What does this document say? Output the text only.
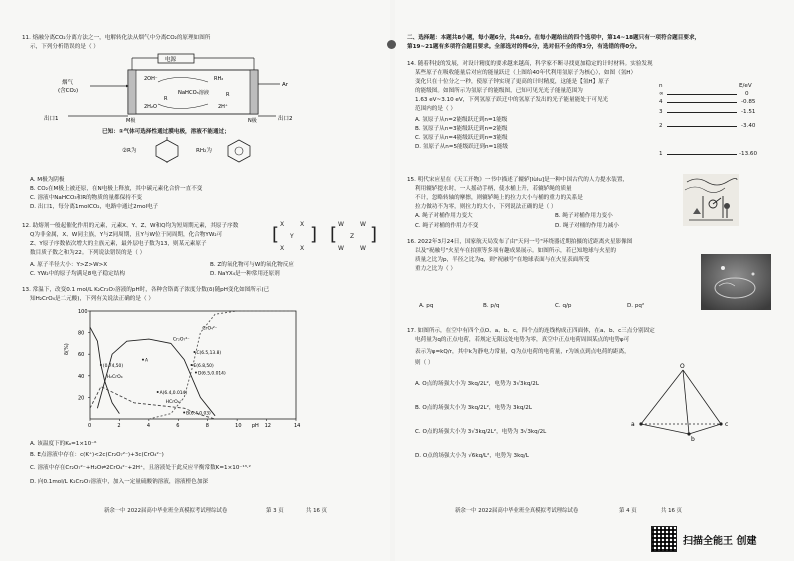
11. 熔融分离CO₂分离方法之一，电解转化法从烟气中分离CO₂的原理如图所
示，下列分析错误的是（ ）
电源
NaHCO₃溶液
2OH⁻	RH₂
2H₂O	2H⁺
R
R
烟气
(含CO₂)
Ar
出口1	出口2
M极	N极
已知：①气体可选择性通过膜电极，溶液不能通过；
②R为	RH₂为
A. M极为阴极
B. CO₂在M极上被还原，在N电极上释放，其中碳元素化合价一直不变
C. 溶液中NaHCO₃和R的物质的量都保持不变
D. 出口1，每分离1molCO₂，电路中通过2mol电子
12. 助熔剂一般起催化作用的元素，元素X、Y、Z、W和Q均为短周期元素，其原子序数
Q为非金属，X、W同主族，Y与Z同周期，且Y与W位于同周期，化合物YW₂可
Z、Y原子序数依次增大的主族元素，最外层电子数为13，则某元素原子
数目质子数之和为22。下列说法错误的是（ ）
[ X	X
Y
X	X
] [ W	W
Z
W	W
]
A. 原子半径大小：Y>Z>W>X	B. Z的氧化物可与W的氧化物反应
C. YW₂中的原子均满足8电子稳定结构	D. NaYX₄是一种常用还原剂
13. 常温下，改变0.1 mol/L K₂Cr₂O₇溶液的pH时，各种含铬离子浓度分数(δ)随pH变化如图所示(已
知H₂CrO₄是二元酸)，下列有关说法正确的是（ ）
0	2	4	6	8	10	12	14
100
80
60
40
20
pH
δ(%)
H₂CrO₄
HCrO₄⁻
Cr₂O₇²⁻
CrO₄²⁻
(0.74,50)
A
B(6.4,0.03)
C(6.5,13.8)
E(6.8,50)
D(6.5,0.014)
A(6.4,0.014)
A. 该温度下的Kₐ=1×10⁻⁶
B. E点溶液中存在：c(K⁺)<2c(Cr₂O₇²⁻)+3c(CrO₄²⁻)
C. 溶液中存在Cr₂O₇²⁻+H₂O⇌2CrO₄²⁻+2H⁺，且溶液处于此反应平衡常数K=1×10⁻¹³·²
D. 向0.1mol/L K₂Cr₂O₇溶液中，加入一定量硫酸钠溶液，溶液橙色加深
新余一中 2022届高中毕业班全真模拟考试理综试卷	第 3 页	共 16 页
二、选择题：本题共8小题，每小题6分，共48分。在每小题给出的四个选项中，第14~18题只有一项符合题目要求，
第19~21题有多项符合题目要求。全部选对的得6分，选对但不全的得3分，有选错的得0分。
14. 随着科技的发展，对设计精度的要求越来越高，科学家不断寻找更加稳定的计时材料。实验发现
某些原子在吸收能量后对应的能量跃迁（上图给40年代利用氢原子为核心），如图（氢H）
变化只在十位分之一秒，使原子钟实现了更高的计时精度，这能是【氢H】原子
的能级图。如图所示为氢原子的能级图，已知可见光光子能量范围为
1.63 eV~3.10 eV，下列氢原子跃迁中的氢原子发出的光子能量能处于可见光
范围内的是（ ）
A. 氢原子从n=2能级跃迁到n=1能级
B. 氢原子从n=3能级跃迁到n=2能级
C. 氢原子从n=4能级跃迁到n=3能级
D. 氢原子从n=5能级跃迁到n=1能级
n	E/eV
∞	0
4	-0.85
3	-1.51
2	-3.40
1	-13.60
15. 明代宋应星在《天工开物》一书中描述了辘轳[lùlu]是一种中国古代的人力提水装置，
利用辘轳提水时，一人摇动手柄，使水桶上升，若辘轳绳的质量
不计，忽略转轴的摩擦，则辘轳绳上的拉力大小与桶的重力的关系是
拉力做功不为零，则拉力的大小，下列说法正确的是（ ）
A. 绳子对桶作用力变大	B. 绳子对桶作用力变小
C. 绳子对桶的作用力不变	D. 绳子对桶的作用力减小
16. 2022年3月24日，国家航天局发布了由"天问一号"环绕器近期拍摄的近距离火星影像图
以及"祝融号"火星车在拍照等多项有趣成果展示。如图所示，若已知地球与火星的
质量之比为p，半径之比为q，则"祝融号"在地球表面与在火星表面所受
重力之比为（ ）
A. pq	B. p/q	C. q/p	D. pq²
17. 如图所示，在空中有四个点O、a、b、c，四个点的连线构成正四面体，在a、b、c三点分别固定
电荷量为q的正点电荷，若规定无限远处电势为零，真空中正点电荷周围某点的电势φ可
表示为φ=kQ/r，其中k为静电力常量，Q为点电荷的电荷量，r为该点到点电荷的距离，
则（ ）
A. O点的场强大小为 3kq/2L²，电势为 3√3kq/2L
B. O点的场强大小为 3kq/2L²，电势为 3kq/2L
C. O点的场强大小为 3√3kq/2L²，电势为 3√3kq/2L
D. O点的场强大小为 √6kq/L²，电势为 3kq/L
O
a
b
c
新余一中 2022届高中毕业班全真模拟考试理综试卷	第 4 页	共 16 页
扫描全能王 创建
